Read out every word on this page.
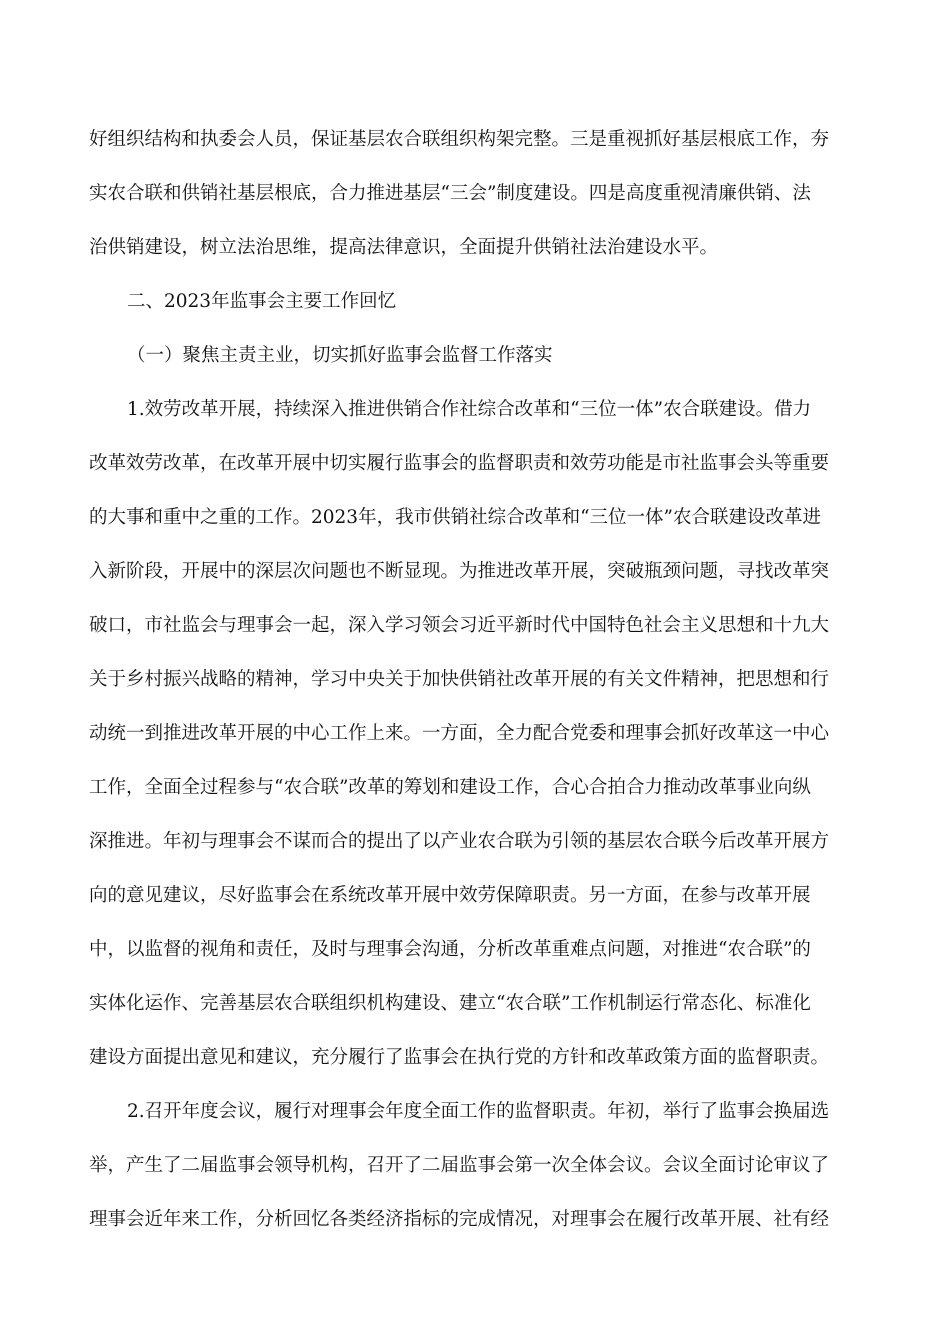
好组织结构和执委会人员，保证基层农合联组织构架完整。三是重视抓好基层根底工作，夯
实农合联和供销社基层根底，合力推进基层“三会”制度建设。四是高度重视清廉供销、法
治供销建设，树立法治思维，提高法律意识，全面提升供销社法治建设水平。
二、2023年监事会主要工作回忆
（一）聚焦主责主业，切实抓好监事会监督工作落实
1.效劳改革开展，持续深入推进供销合作社综合改革和“三位一体”农合联建设。借力
改革效劳改革，在改革开展中切实履行监事会的监督职责和效劳功能是市社监事会头等重要
的大事和重中之重的工作。2023年，我市供销社综合改革和“三位一体”农合联建设改革进
入新阶段，开展中的深层次问题也不断显现。为推进改革开展，突破瓶颈问题，寻找改革突
破口，市社监会与理事会一起，深入学习领会习近平新时代中国特色社会主义思想和十九大
关于乡村振兴战略的精神，学习中央关于加快供销社改革开展的有关文件精神，把思想和行
动统一到推进改革开展的中心工作上来。一方面，全力配合党委和理事会抓好改革这一中心
工作，全面全过程参与“农合联”改革的筹划和建设工作，合心合拍合力推动改革事业向纵
深推进。年初与理事会不谋而合的提出了以产业农合联为引领的基层农合联今后改革开展方
向的意见建议，尽好监事会在系统改革开展中效劳保障职责。另一方面，在参与改革开展
中，以监督的视角和责任，及时与理事会沟通，分析改革重难点问题，对推进“农合联”的
实体化运作、完善基层农合联组织机构建设、建立“农合联”工作机制运行常态化、标准化
建设方面提出意见和建议，充分履行了监事会在执行党的方针和改革政策方面的监督职责。
2.召开年度会议，履行对理事会年度全面工作的监督职责。年初，举行了监事会换届选
举，产生了二届监事会领导机构，召开了二届监事会第一次全体会议。会议全面讨论审议了
理事会近年来工作，分析回忆各类经济指标的完成情况，对理事会在履行改革开展、社有经
